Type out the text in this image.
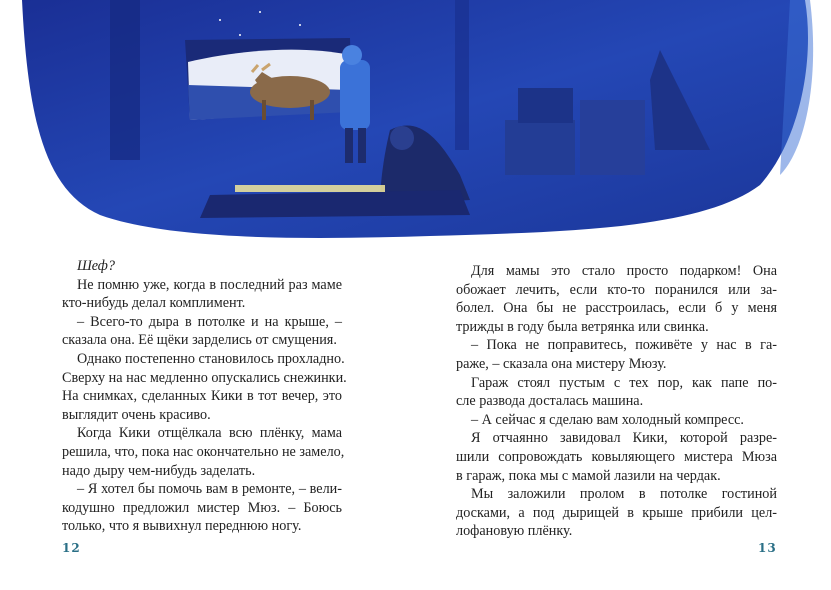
Шеф?
Не помню уже, когда в последний раз маме
кто-нибудь делал комплимент.
– Всего-то дыра в потолке и на крыше, –
сказала она. Её щёки зарделись от смущения.
Однако постепенно становилось прохладно.
Сверху на нас медленно опускались снежинки.
На снимках, сделанных Кики в тот вечер, это
выглядит очень красиво.
Когда Кики отщёлкала всю плёнку, мама
решила, что, пока нас окончательно не замело,
надо дыру чем-нибудь заделать.
– Я хотел бы помочь вам в ремонте, – вели-
кодушно предложил мистер Мюз. – Боюсь
только, что я вывихнул переднюю ногу.
Для мамы это стало просто подарком! Она
обожает лечить, если кто-то поранился или за-
болел. Она бы не расстроилась, если б у меня
трижды в году была ветрянка или свинка.
– Пока не поправитесь, поживёте у нас в га-
раже, – сказала она мистеру Мюзу.
Гараж стоял пустым с тех пор, как папе по-
сле развода досталась машина.
– А сейчас я сделаю вам холодный компресс.
Я отчаянно завидовал Кики, которой разре-
шили сопровождать ковыляющего мистера Мюза
в гараж, пока мы с мамой лазили на чердак.
Мы заложили пролом в потолке гостиной
досками, а под дырищей в крыше прибили цел-
лофановую плёнку.
12	13
